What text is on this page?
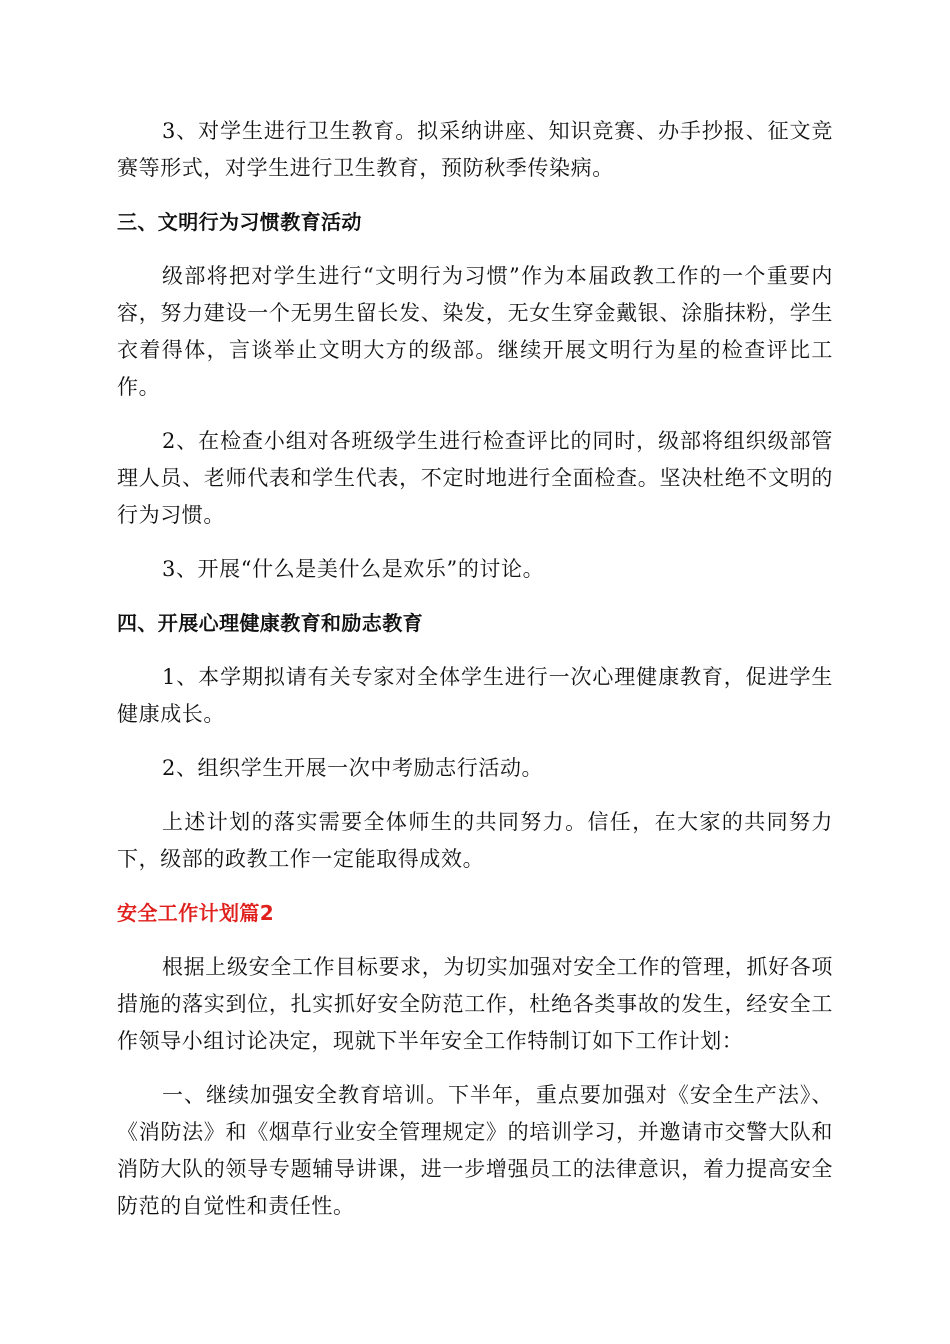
3、对学生进行卫生教育。拟采纳讲座、知识竞赛、办手抄报、征文竞赛等形式，对学生进行卫生教育，预防秋季传染病。

三、文明行为习惯教育活动

级部将把对学生进行“文明行为习惯”作为本届政教工作的一个重要内容，努力建设一个无男生留长发、染发，无女生穿金戴银、涂脂抹粉，学生衣着得体，言谈举止文明大方的级部。继续开展文明行为星的检查评比工作。

2、在检查小组对各班级学生进行检查评比的同时，级部将组织级部管理人员、老师代表和学生代表，不定时地进行全面检查。坚决杜绝不文明的行为习惯。

3、开展“什么是美什么是欢乐”的讨论。

四、开展心理健康教育和励志教育

1、本学期拟请有关专家对全体学生进行一次心理健康教育，促进学生健康成长。

2、组织学生开展一次中考励志行活动。

上述计划的落实需要全体师生的共同努力。信任，在大家的共同努力下，级部的政教工作一定能取得成效。

安全工作计划篇2

根据上级安全工作目标要求，为切实加强对安全工作的管理，抓好各项措施的落实到位，扎实抓好安全防范工作，杜绝各类事故的发生，经安全工作领导小组讨论决定，现就下半年安全工作特制订如下工作计划：

一、继续加强安全教育培训。下半年，重点要加强对《安全生产法》、《消防法》和《烟草行业安全管理规定》的培训学习，并邀请市交警大队和消防大队的领导专题辅导讲课，进一步增强员工的法律意识，着力提高安全防范的自觉性和责任性。
